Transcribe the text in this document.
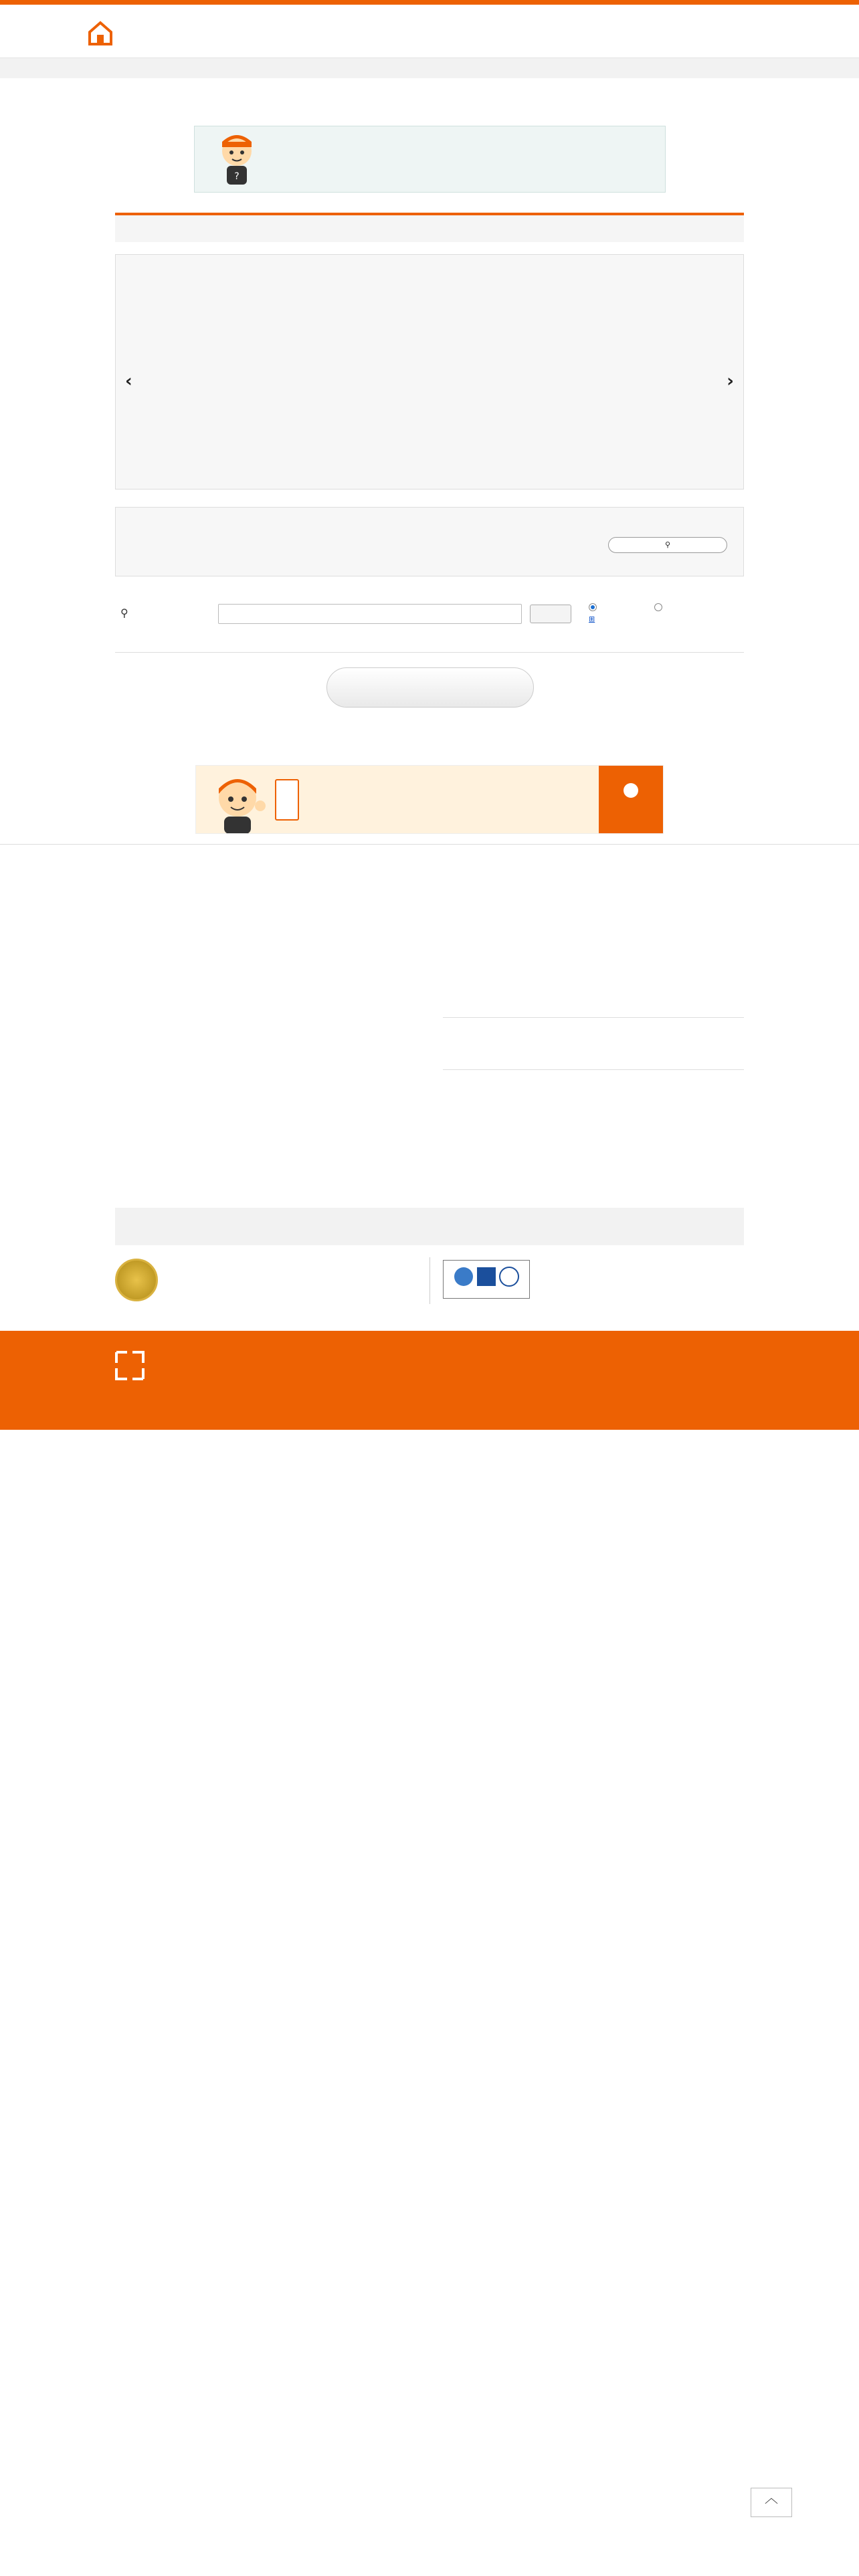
?
‹	›
⚲
⚲	⊞
︿
